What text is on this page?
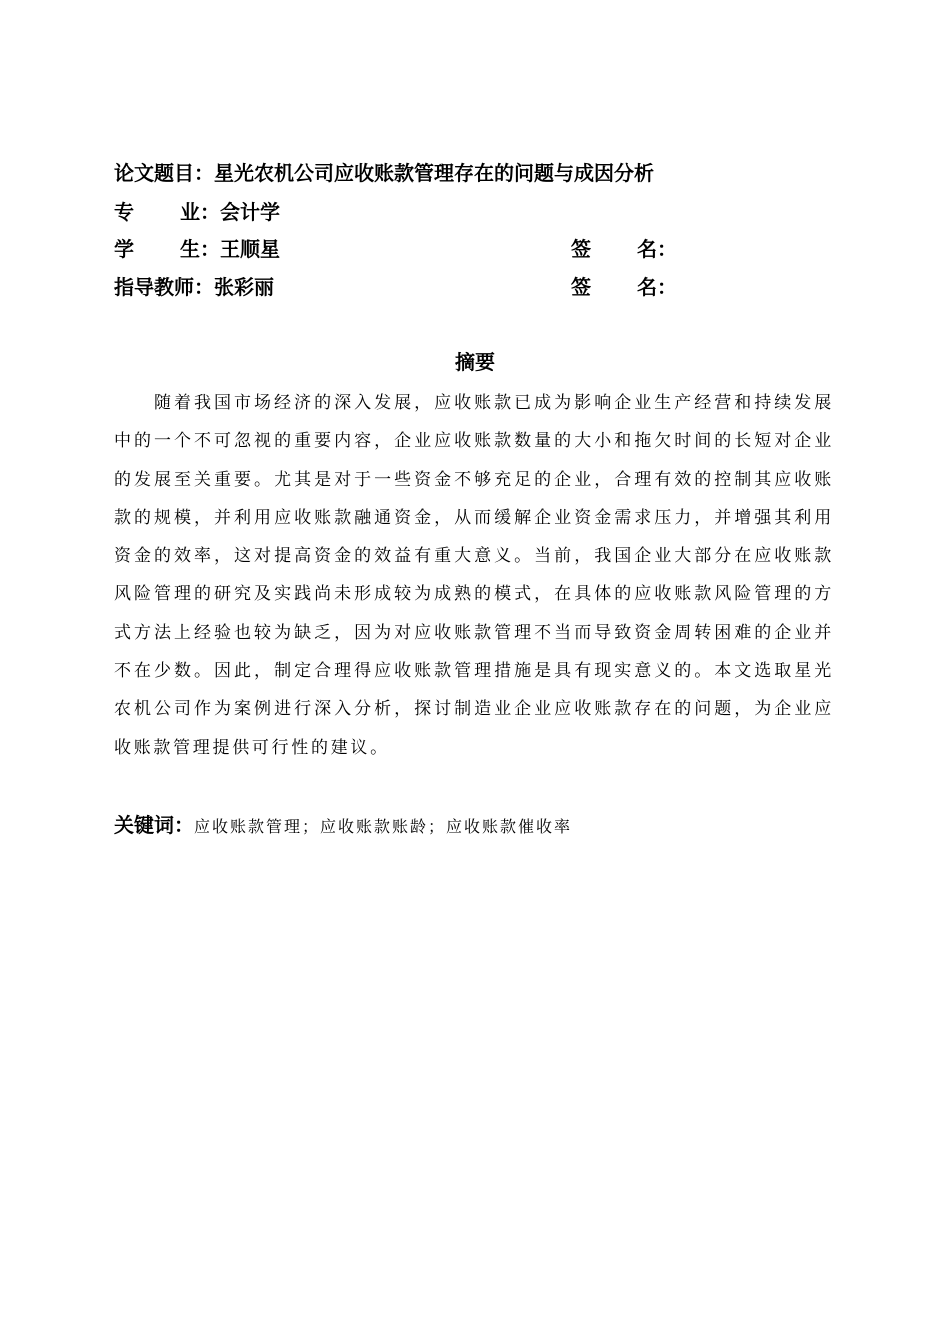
论文题目：星光农机公司应收账款管理存在的问题与成因分析
专 业：会计学
学 生：王顺星	签 名：
指导教师：张彩丽	签 名：
摘要

随着我国市场经济的深入发展，应收账款已成为影响企业生产经营和持续发展中的一个不可忽视的重要内容，企业应收账款数量的大小和拖欠时间的长短对企业的发展至关重要。尤其是对于一些资金不够充足的企业，合理有效的控制其应收账款的规模，并利用应收账款融通资金，从而缓解企业资金需求压力，并增强其利用资金的效率，这对提高资金的效益有重大意义。当前，我国企业大部分在应收账款风险管理的研究及实践尚未形成较为成熟的模式，在具体的应收账款风险管理的方式方法上经验也较为缺乏，因为对应收账款管理不当而导致资金周转困难的企业并不在少数。因此，制定合理得应收账款管理措施是具有现实意义的。本文选取星光农机公司作为案例进行深入分析，探讨制造业企业应收账款存在的问题，为企业应收账款管理提供可行性的建议。

关键词：应收账款管理；应收账款账龄；应收账款催收率
